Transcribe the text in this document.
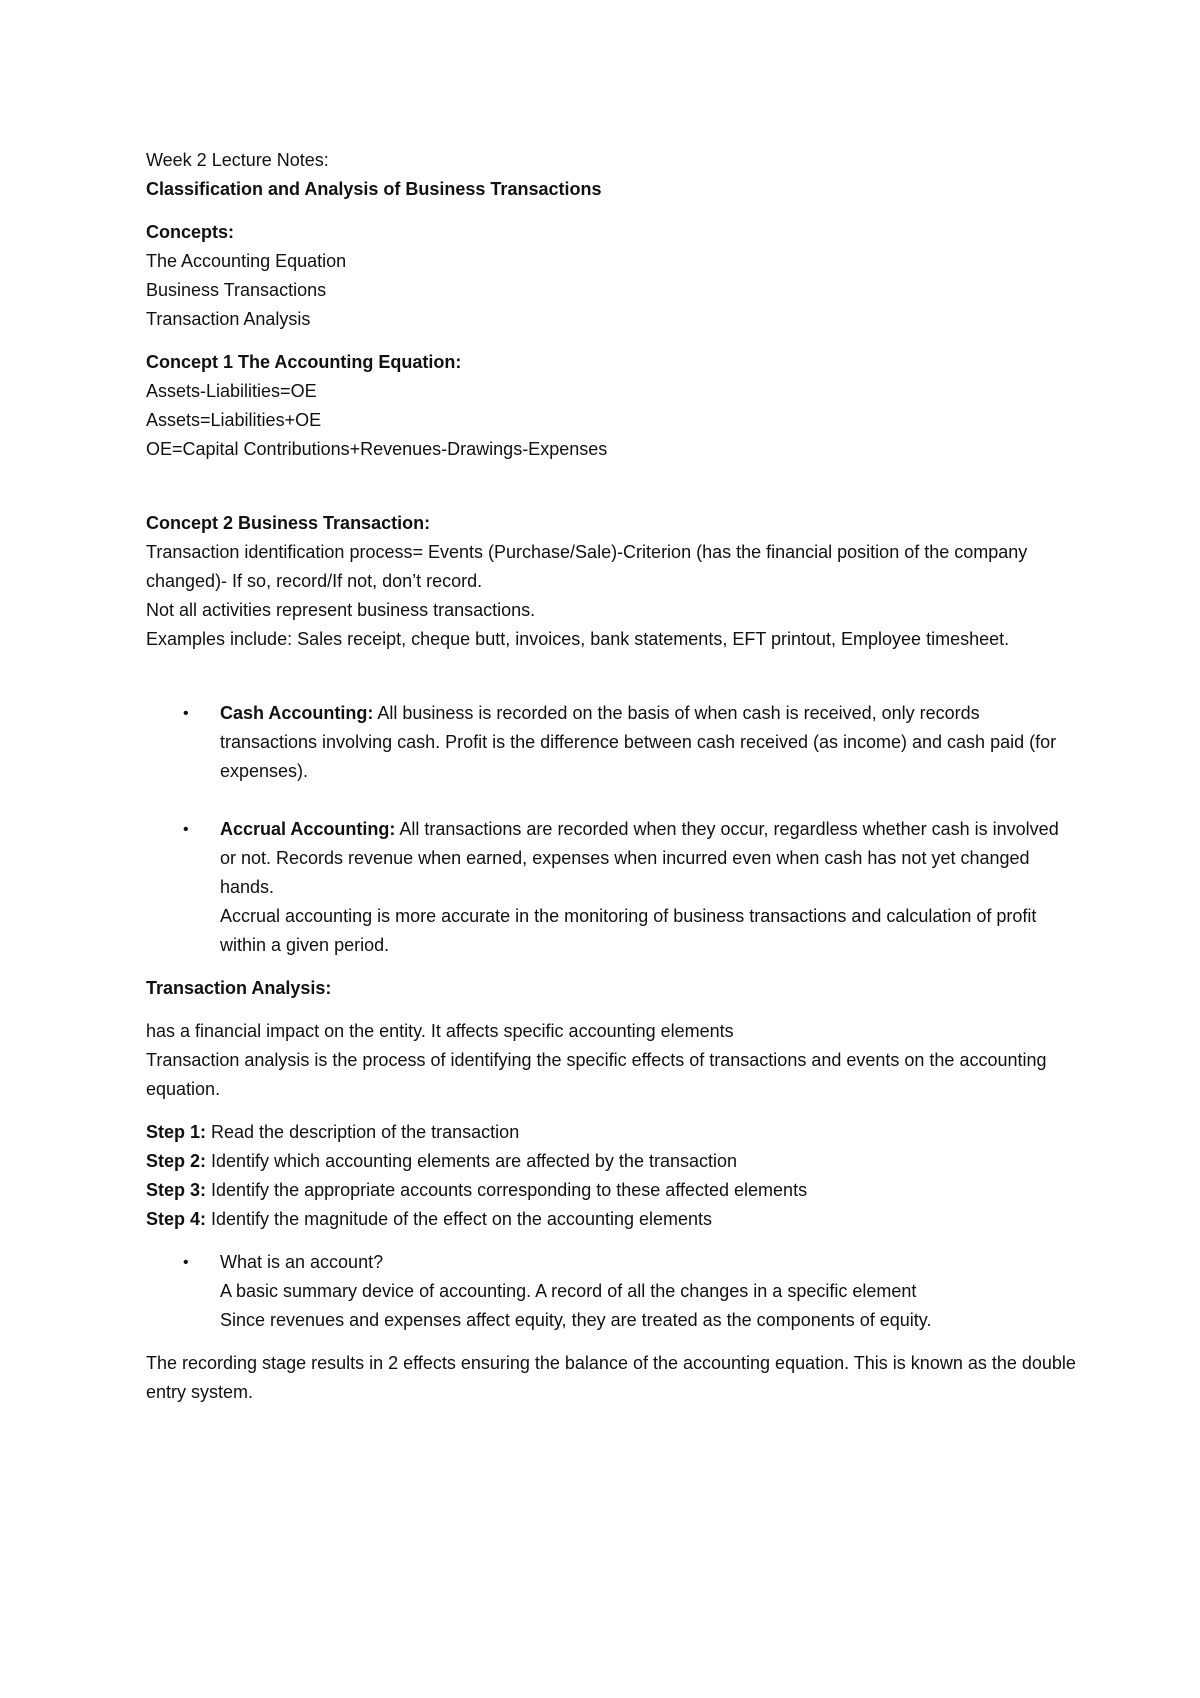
Week 2 Lecture Notes:

Classification and Analysis of Business Transactions

Concepts:

The Accounting Equation

Business Transactions

Transaction Analysis

Concept 1 The Accounting Equation:

Assets-Liabilities=OE

Assets=Liabilities+OE

OE=Capital Contributions+Revenues-Drawings-Expenses

Concept 2 Business Transaction:

Transaction identification process= Events (Purchase/Sale)-Criterion (has the financial position of the company changed)- If so, record/If not, don’t record.

Not all activities represent business transactions.

Examples include: Sales receipt, cheque butt, invoices, bank statements, EFT printout, Employee timesheet.

•	Cash Accounting: All business is recorded on the basis of when cash is received, only records transactions involving cash. Profit is the difference between cash received (as income) and cash paid (for expenses).
•	Accrual Accounting: All transactions are recorded when they occur, regardless whether cash is involved or not. Records revenue when earned, expenses when incurred even when cash has not yet changed hands.

Accrual accounting is more accurate in the monitoring of business transactions and calculation of profit within a given period.

Transaction Analysis:

has a financial impact on the entity. It affects specific accounting elements

Transaction analysis is the process of identifying the specific effects of transactions and events on the accounting equation.

Step 1: Read the description of the transaction

Step 2: Identify which accounting elements are affected by the transaction

Step 3: Identify the appropriate accounts corresponding to these affected elements

Step 4: Identify the magnitude of the effect on the accounting elements

•	What is an account?

A basic summary device of accounting. A record of all the changes in a specific element

Since revenues and expenses affect equity, they are treated as the components of equity.

The recording stage results in 2 effects ensuring the balance of the accounting equation. This is known as the double entry system.
